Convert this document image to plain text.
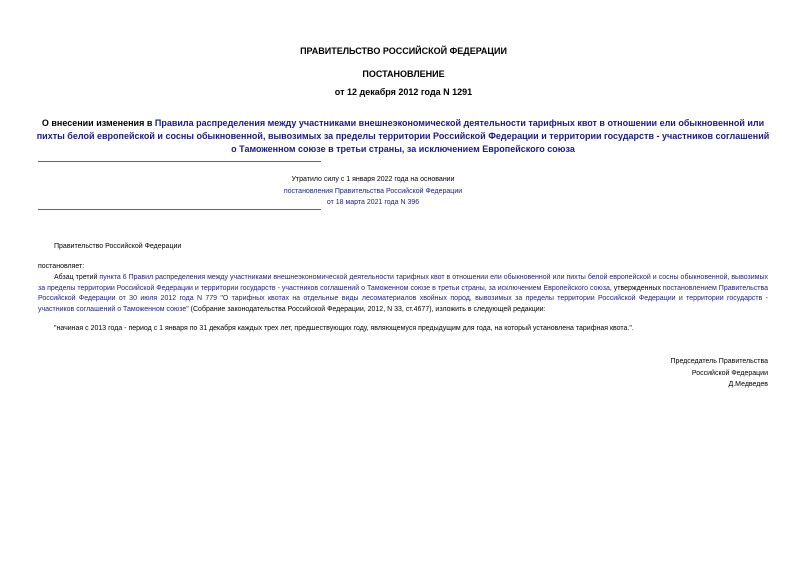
ПРАВИТЕЛЬСТВО РОССИЙСКОЙ ФЕДЕРАЦИИ
ПОСТАНОВЛЕНИЕ
от 12 декабря 2012 года N 1291
О внесении изменения в Правила распределения между участниками внешнеэкономической деятельности тарифных квот в отношении ели обыкновенной или пихты белой европейской и сосны обыкновенной, вывозимых за пределы территории Российской Федерации и территории государств - участников соглашений о Таможенном союзе в третьи страны, за исключением Европейского союза
Утратило силу с 1 января 2022 года на основании
постановления Правительства Российской Федерации
от 18 марта 2021 года N 396
Правительство Российской Федерации
постановляет:
Абзац третий пункта 6 Правил распределения между участниками внешнеэкономической деятельности тарифных квот в отношении ели обыкновенной или пихты белой европейской и сосны обыкновенной, вывозимых за пределы территории Российской Федерации и территории государств - участников соглашений о Таможенном союзе в третьи страны, за исключением Европейского союза, утвержденных постановлением Правительства Российской Федерации от 30 июля 2012 года N 779 "О тарифных квотах на отдельные виды лесоматериалов хвойных пород, вывозимых за пределы территории Российской Федерации и территории государств - участников соглашений о Таможенном союзе" (Собрание законодательства Российской Федерации, 2012, N 33, ст.4677), изложить в следующей редакции:
"начиная с 2013 года - период с 1 января по 31 декабря каждых трех лет, предшествующих году, являющемуся предыдущим для года, на который установлена тарифная квота.".
Председатель Правительства
Российской Федерации
Д.Медведев
